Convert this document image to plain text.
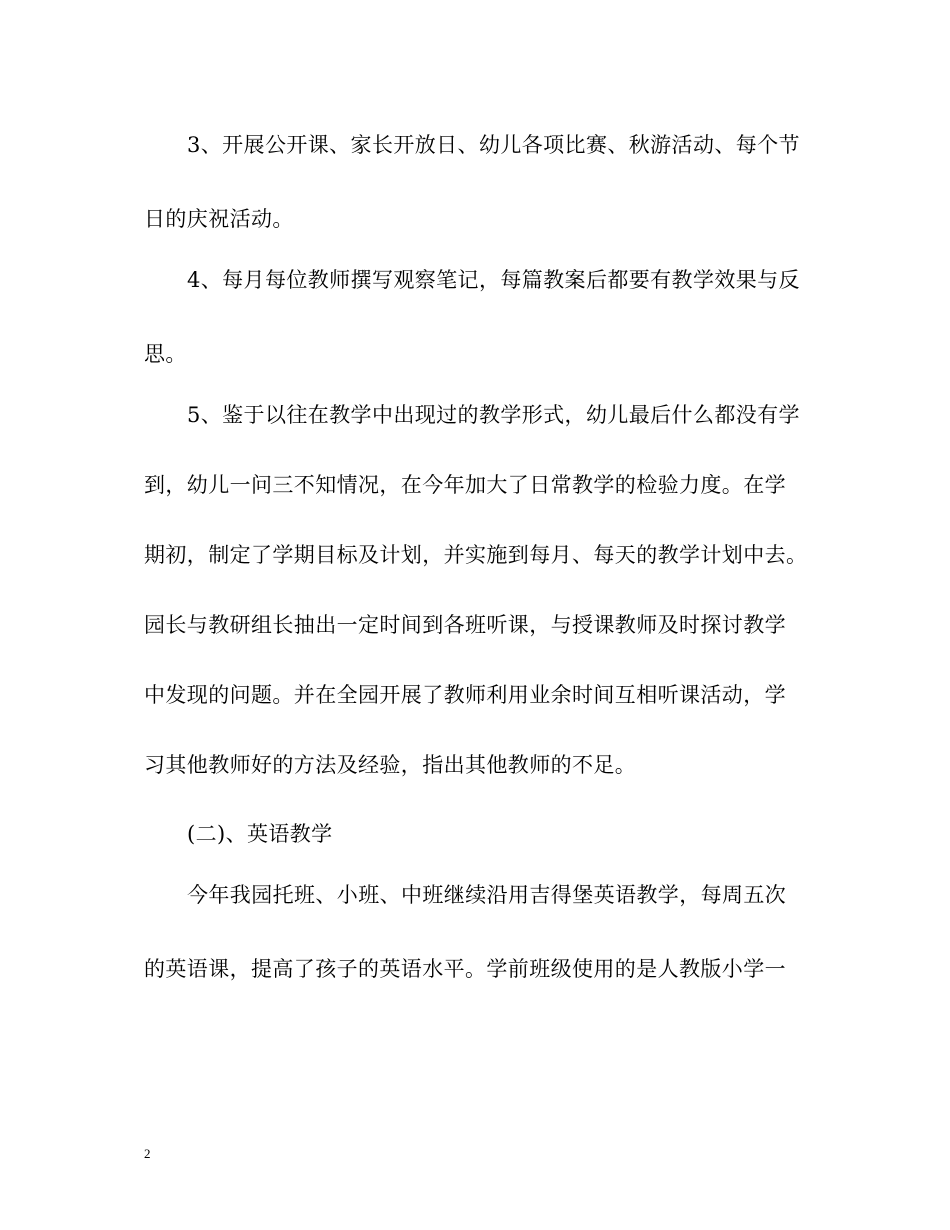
3、开展公开课、家长开放日、幼儿各项比赛、秋游活动、每个节
日的庆祝活动。
4、每月每位教师撰写观察笔记，每篇教案后都要有教学效果与反
思。
5、鉴于以往在教学中出现过的教学形式，幼儿最后什么都没有学
到，幼儿一问三不知情况，在今年加大了日常教学的检验力度。在学
期初，制定了学期目标及计划，并实施到每月、每天的教学计划中去。
园长与教研组长抽出一定时间到各班听课，与授课教师及时探讨教学
中发现的问题。并在全园开展了教师利用业余时间互相听课活动，学
习其他教师好的方法及经验，指出其他教师的不足。
(二)、英语教学
今年我园托班、小班、中班继续沿用吉得堡英语教学，每周五次
的英语课，提高了孩子的英语水平。学前班级使用的是人教版小学一
2
